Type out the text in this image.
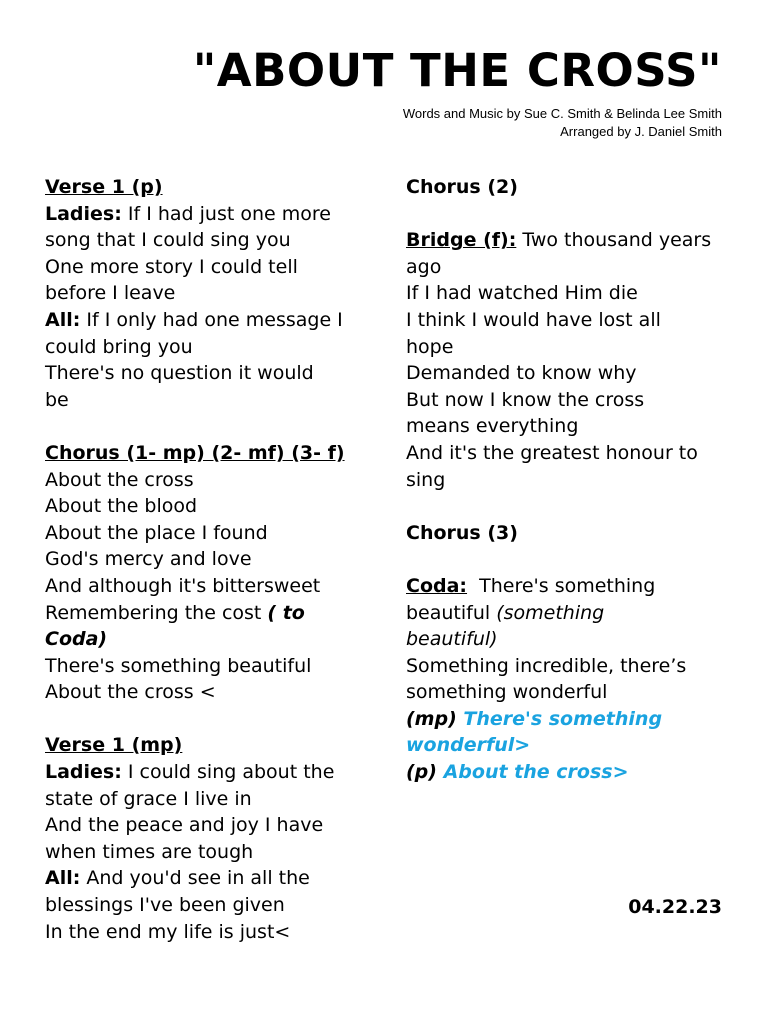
"ABOUT THE CROSS"
Words and Music by Sue C. Smith & Belinda Lee Smith
Arranged by J. Daniel Smith
Verse 1 (p)
Ladies: If I had just one more
song that I could sing you
One more story I could tell
before I leave
All: If I only had one message I
could bring you
There's no question it would
be
Chorus (1- mp) (2- mf) (3- f)
About the cross
About the blood
About the place I found
God's mercy and love
And although it's bittersweet
Remembering the cost ( to
Coda)
There's something beautiful
About the cross <
Verse 1 (mp)
Ladies: I could sing about the
state of grace I live in
And the peace and joy I have
when times are tough
All: And you'd see in all the
blessings I've been given
In the end my life is just<
Chorus (2)
Bridge (f): Two thousand years
ago
If I had watched Him die
I think I would have lost all
hope
Demanded to know why
But now I know the cross
means everything
And it's the greatest honour to
sing
Chorus (3)
Coda:  There's something
beautiful (something
beautiful)
Something incredible, there’s
something wonderful
(mp) There's something
wonderful>
(p) About the cross>
04.22.23
